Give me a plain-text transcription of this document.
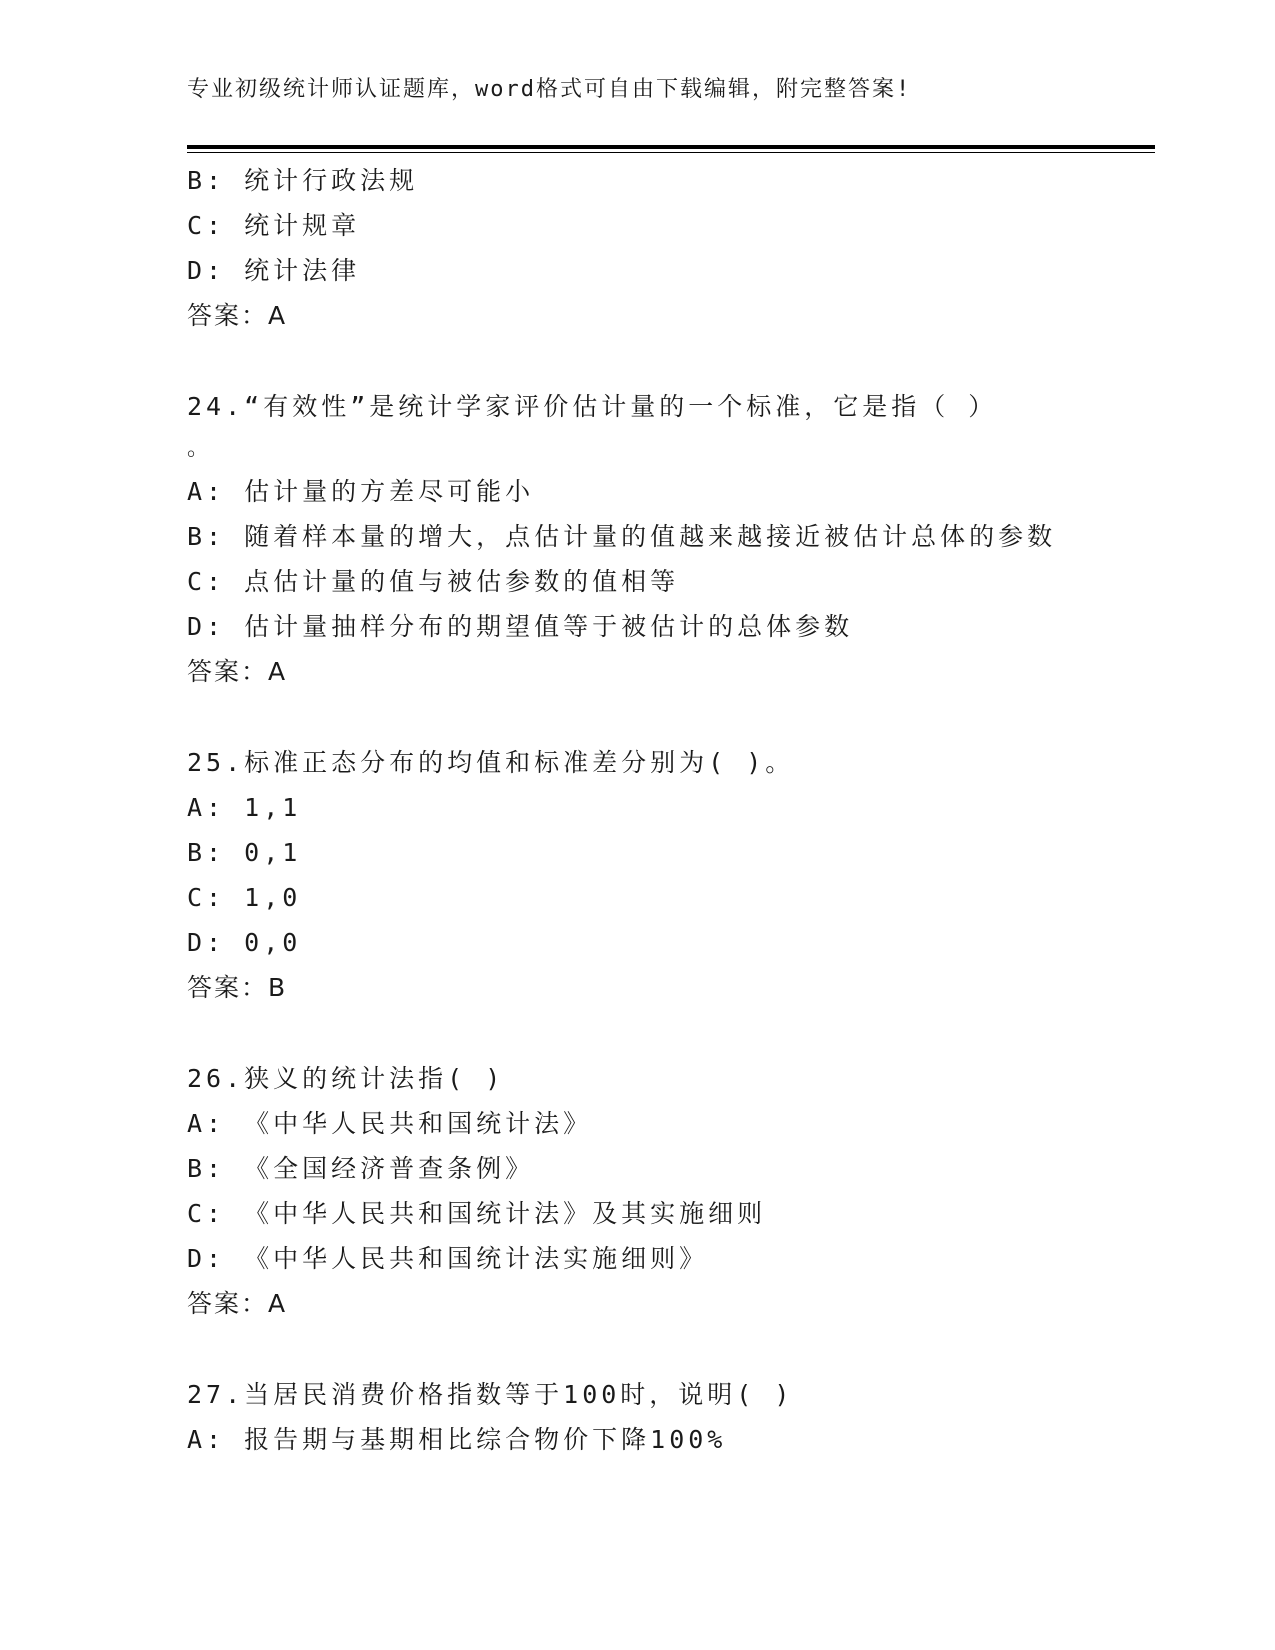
专业初级统计师认证题库，word格式可自由下载编辑，附完整答案!
B: 统计行政法规
C: 统计规章
D: 统计法律
答案：A
24.“有效性”是统计学家评价估计量的一个标准，它是指（ ）
。
A: 估计量的方差尽可能小
B: 随着样本量的增大，点估计量的值越来越接近被估计总体的参数
C: 点估计量的值与被估参数的值相等
D: 估计量抽样分布的期望值等于被估计的总体参数
答案：A
25.标准正态分布的均值和标准差分别为( )。
A: 1,1
B: 0,1
C: 1,0
D: 0,0
答案：B
26.狭义的统计法指( )
A: 《中华人民共和国统计法》
B: 《全国经济普查条例》
C: 《中华人民共和国统计法》及其实施细则
D: 《中华人民共和国统计法实施细则》
答案：A
27.当居民消费价格指数等于100时，说明( )
A: 报告期与基期相比综合物价下降100%
